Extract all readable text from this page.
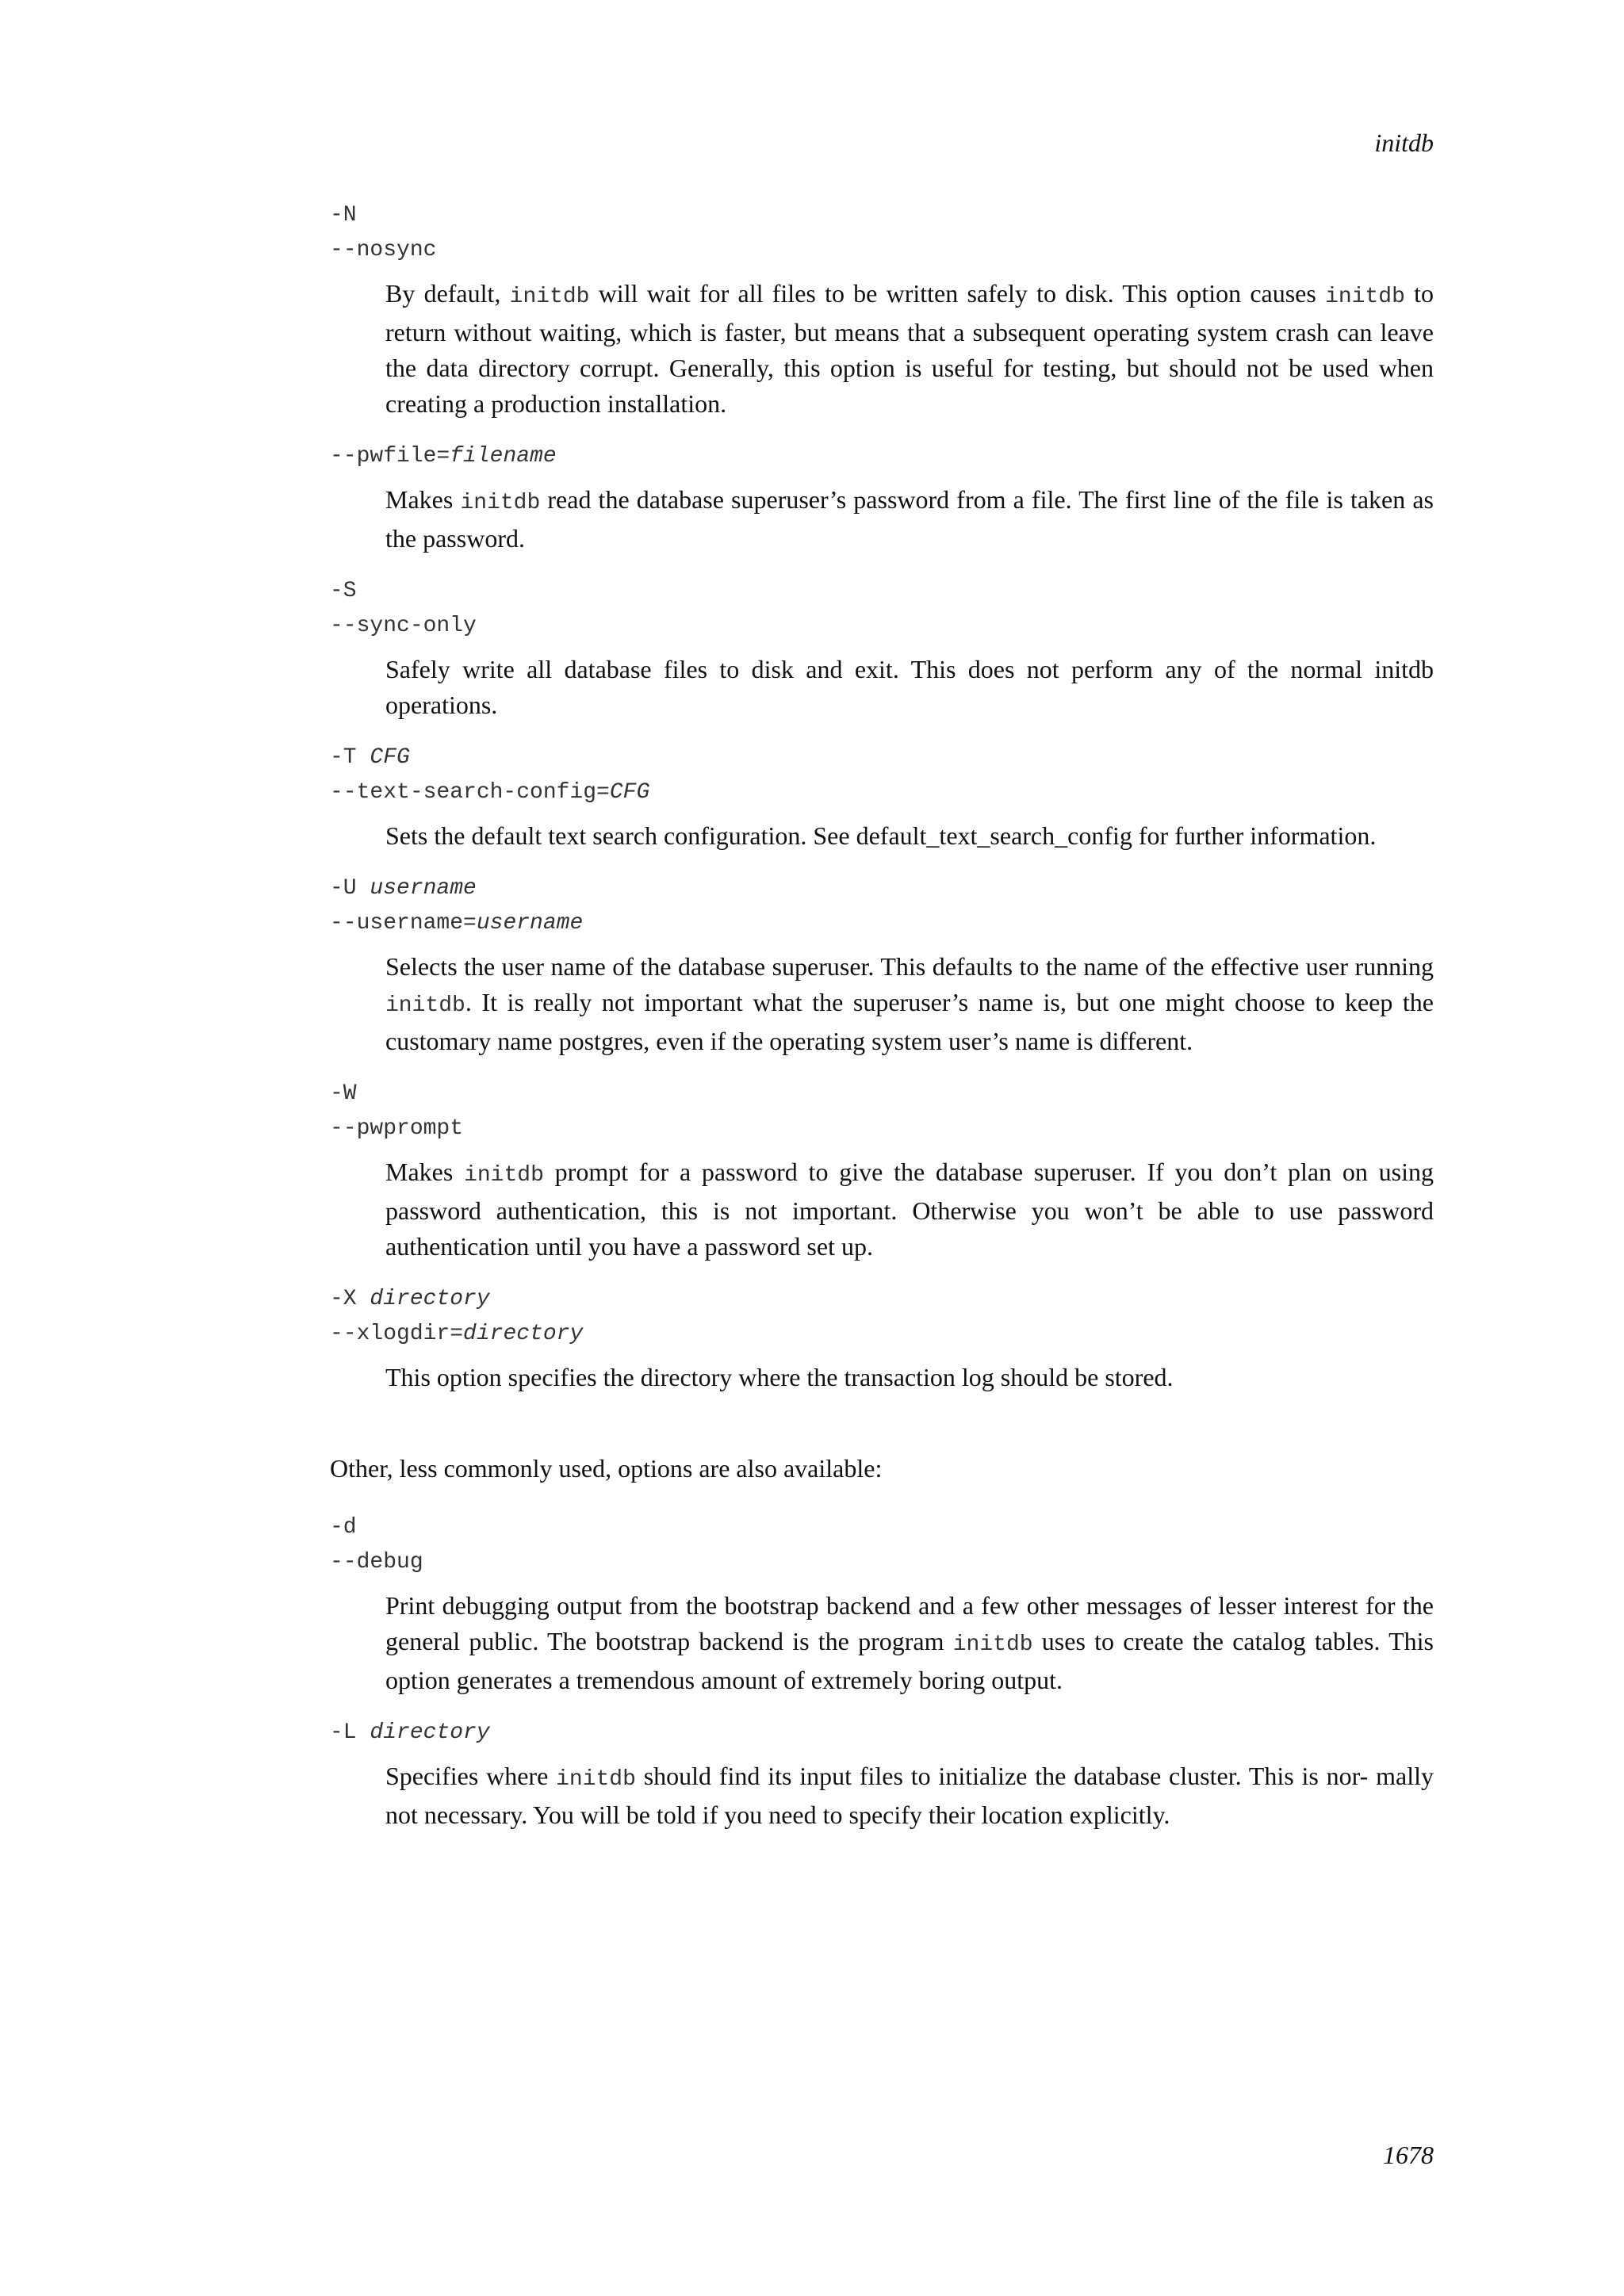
initdb
-N
--nosync
By default, initdb will wait for all files to be written safely to disk. This option causes initdb to return without waiting, which is faster, but means that a subsequent operating system crash can leave the data directory corrupt. Generally, this option is useful for testing, but should not be used when creating a production installation.
--pwfile=filename
Makes initdb read the database superuser’s password from a file. The first line of the file is taken as the password.
-S
--sync-only
Safely write all database files to disk and exit. This does not perform any of the normal initdb operations.
-T CFG
--text-search-config=CFG
Sets the default text search configuration. See default_text_search_config for further information.
-U username
--username=username
Selects the user name of the database superuser. This defaults to the name of the effective user running initdb. It is really not important what the superuser’s name is, but one might choose to keep the customary name postgres, even if the operating system user’s name is different.
-W
--pwprompt
Makes initdb prompt for a password to give the database superuser. If you don’t plan on using password authentication, this is not important. Otherwise you won’t be able to use password authentication until you have a password set up.
-X directory
--xlogdir=directory
This option specifies the directory where the transaction log should be stored.

Other, less commonly used, options are also available:

-d
--debug
Print debugging output from the bootstrap backend and a few other messages of lesser interest for the general public. The bootstrap backend is the program initdb uses to create the catalog tables. This option generates a tremendous amount of extremely boring output.
-L directory
Specifies where initdb should find its input files to initialize the database cluster. This is nor- mally not necessary. You will be told if you need to specify their location explicitly.
1678
